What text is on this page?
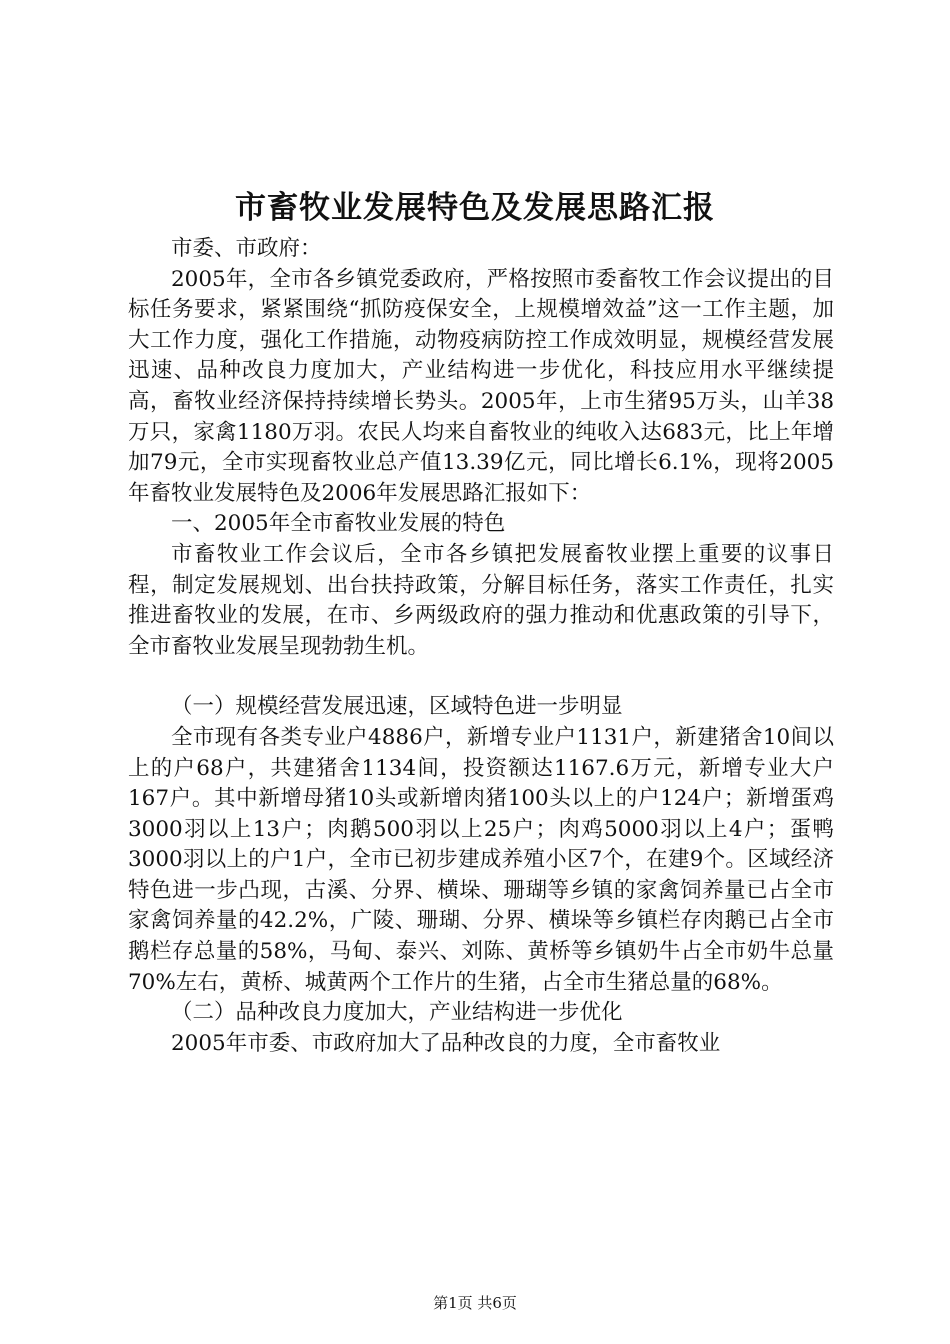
市畜牧业发展特色及发展思路汇报

市委、市政府：

2005年，全市各乡镇党委政府，严格按照市委畜牧工作会议提出的目标任务要求，紧紧围绕“抓防疫保安全，上规模增效益”这一工作主题，加大工作力度，强化工作措施，动物疫病防控工作成效明显，规模经营发展迅速、品种改良力度加大，产业结构进一步优化，科技应用水平继续提高，畜牧业经济保持持续增长势头。2005年，上市生猪95万头，山羊38万只，家禽1180万羽。农民人均来自畜牧业的纯收入达683元，比上年增加79元，全市实现畜牧业总产值13.39亿元，同比增长6.1%，现将2005年畜牧业发展特色及2006年发展思路汇报如下：

一、2005年全市畜牧业发展的特色

市畜牧业工作会议后，全市各乡镇把发展畜牧业摆上重要的议事日程，制定发展规划、出台扶持政策，分解目标任务，落实工作责任，扎实推进畜牧业的发展，在市、乡两级政府的强力推动和优惠政策的引导下，全市畜牧业发展呈现勃勃生机。

（一）规模经营发展迅速，区域特色进一步明显

全市现有各类专业户4886户，新增专业户1131户，新建猪舍10间以上的户68户，共建猪舍1134间，投资额达1167.6万元，新增专业大户167户。其中新增母猪10头或新增肉猪100头以上的户124户；新增蛋鸡3000羽以上13户；肉鹅500羽以上25户；肉鸡5000羽以上4户；蛋鸭3000羽以上的户1户，全市已初步建成养殖小区7个，在建9个。区域经济特色进一步凸现，古溪、分界、横垛、珊瑚等乡镇的家禽饲养量已占全市家禽饲养量的42.2%，广陵、珊瑚、分界、横垛等乡镇栏存肉鹅已占全市鹅栏存总量的58%，马甸、泰兴、刘陈、黄桥等乡镇奶牛占全市奶牛总量70%左右，黄桥、城黄两个工作片的生猪，占全市生猪总量的68%。

（二）品种改良力度加大，产业结构进一步优化

2005年市委、市政府加大了品种改良的力度，全市畜牧业

第1页 共6页
